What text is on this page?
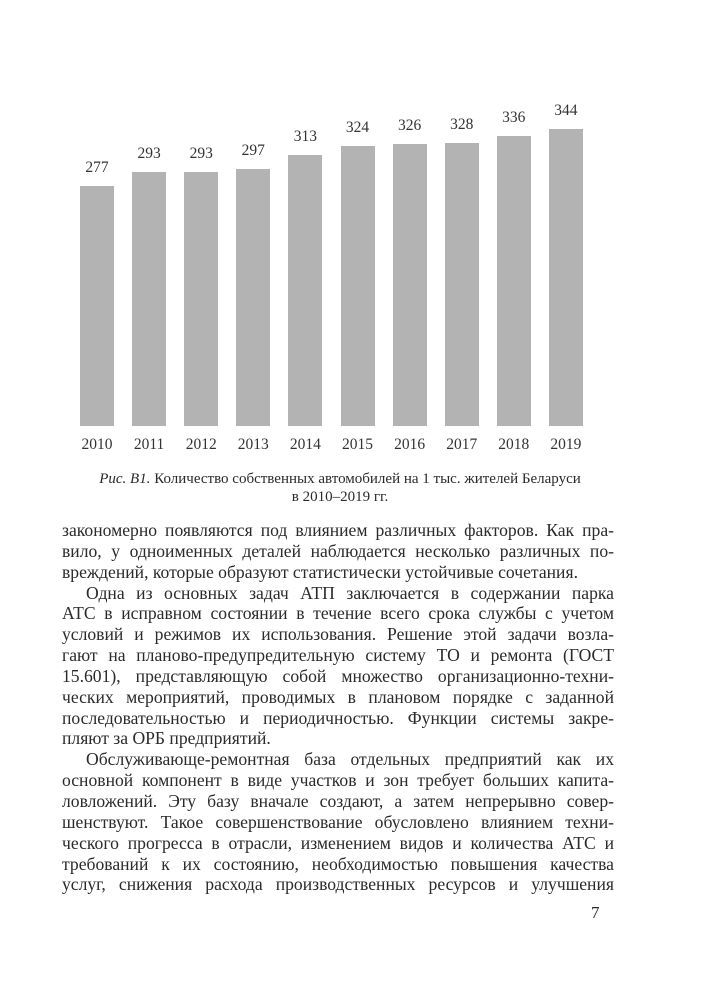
277
2010
293
2011
293
2012
297
2013
313
2014
324
2015
326
2016
328
2017
336
2018
344
2019
Рис. В1. Количество собственных автомобилей на 1 тыс. жителей Беларуси
в 2010–2019 гг.
закономерно появляются под влиянием различных факторов. Как пра-
вило, у одноименных деталей наблюдается несколько различных по-
вреждений, которые образуют статистически устойчивые сочетания.
Одна из основных задач АТП заключается в содержании парка
АТС в исправном состоянии в течение всего срока службы с учетом
условий и режимов их использования. Решение этой задачи возла-
гают на планово-предупредительную систему ТО и ремонта (ГОСТ
15.601), представляющую собой множество организационно-техни-
ческих мероприятий, проводимых в плановом порядке с заданной
последовательностью и периодичностью. Функции системы закре-
пляют за ОРБ предприятий.
Обслуживающе-ремонтная база отдельных предприятий как их
основной компонент в виде участков и зон требует больших капита-
ловложений. Эту базу вначале создают, а затем непрерывно совер-
шенствуют. Такое совершенствование обусловлено влиянием техни-
ческого прогресса в отрасли, изменением видов и количества АТС и
требований к их состоянию, необходимостью повышения качества
услуг, снижения расхода производственных ресурсов и улучшения
7
